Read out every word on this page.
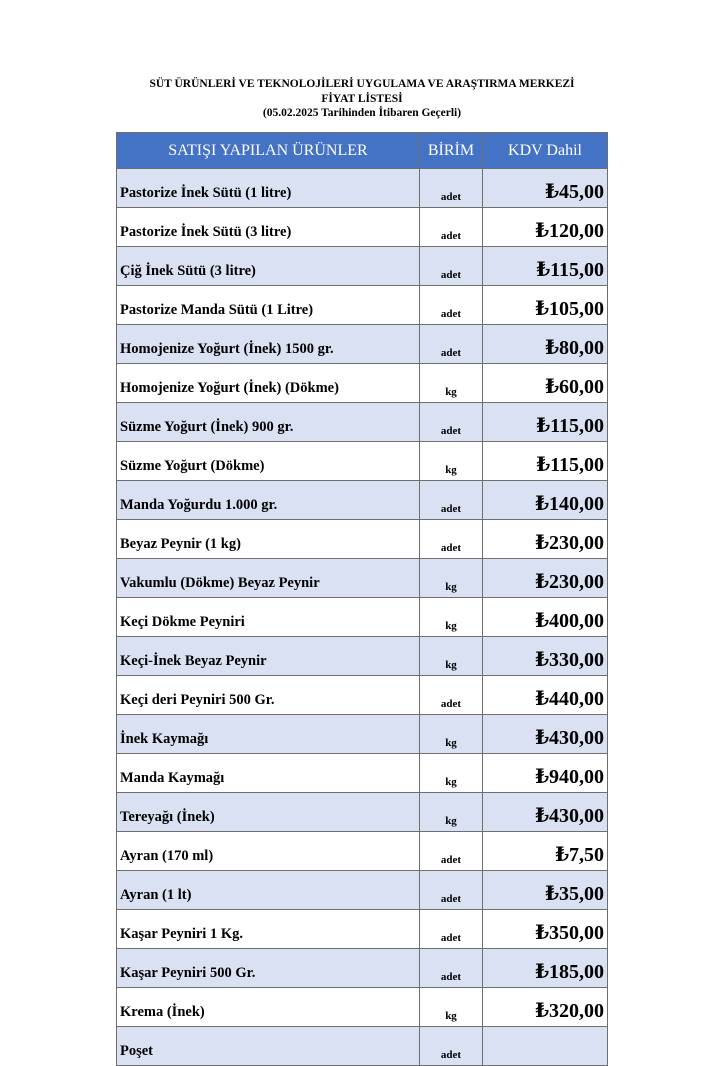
SÜT ÜRÜNLERİ VE TEKNOLOJİLERİ UYGULAMA VE ARAŞTIRMA MERKEZİ
FİYAT LİSTESİ
(05.02.2025 Tarihinden İtibaren Geçerli)
SATIŞI YAPILAN ÜRÜNLER	BİRİM	KDV Dahil
Pastorize İnek Sütü (1 litre)	adet	₺45,00
Pastorize İnek Sütü (3 litre)	adet	₺120,00
Çiğ İnek Sütü (3 litre)	adet	₺115,00
Pastorize Manda Sütü (1 Litre)	adet	₺105,00
Homojenize Yoğurt (İnek) 1500 gr.	adet	₺80,00
Homojenize Yoğurt (İnek) (Dökme)	kg	₺60,00
Süzme Yoğurt (İnek) 900 gr.	adet	₺115,00
Süzme Yoğurt (Dökme)	kg	₺115,00
Manda Yoğurdu 1.000 gr.	adet	₺140,00
Beyaz Peynir (1 kg)	adet	₺230,00
Vakumlu (Dökme) Beyaz Peynir	kg	₺230,00
Keçi Dökme Peyniri	kg	₺400,00
Keçi-İnek Beyaz Peynir	kg	₺330,00
Keçi deri Peyniri 500 Gr.	adet	₺440,00
İnek Kaymağı	kg	₺430,00
Manda Kaymağı	kg	₺940,00
Tereyağı (İnek)	kg	₺430,00
Ayran (170 ml)	adet	₺7,50
Ayran (1 lt)	adet	₺35,00
Kaşar Peyniri 1 Kg.	adet	₺350,00
Kaşar Peyniri 500 Gr.	adet	₺185,00
Krema (İnek)	kg	₺320,00
Poşet	adet	
